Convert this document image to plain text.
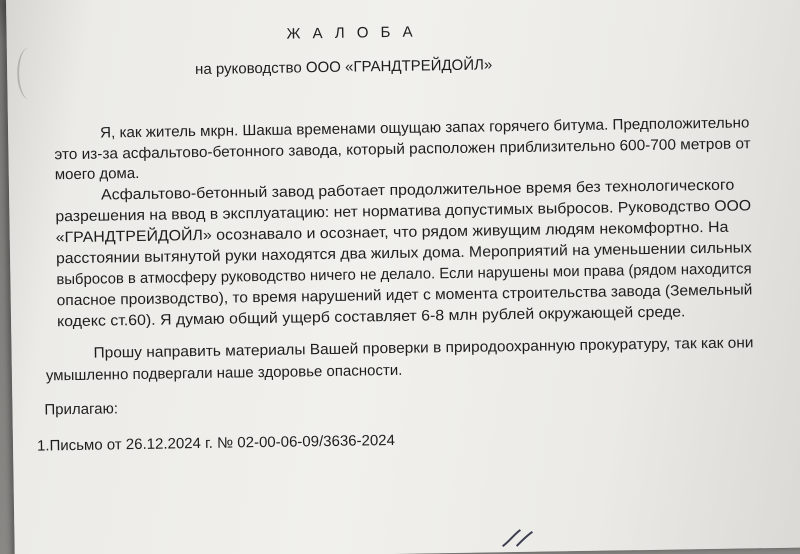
Ж А Л О Б А
на руководство ООО «ГРАНДТРЕЙДОЙЛ»
Я, как житель мкрн. Шакша временами ощущаю запах горячего битума. Предположительно
это из-за асфальтово-бетонного завода, который расположен приблизительно 600-700 метров от
моего дома.
Асфальтово-бетонный завод работает продолжительное время без технологического
разрешения на ввод в эксплуатацию: нет норматива допустимых выбросов. Руководство ООО
«ГРАНДТРЕЙДОЙЛ» осознавало и осознает, что рядом живущим людям некомфортно. На
расстоянии вытянутой руки находятся два жилых дома. Мероприятий на уменьшении сильных
выбросов в атмосферу руководство ничего не делало. Если нарушены мои права (рядом находится
опасное производство), то время нарушений идет с момента строительства завода (Земельный
кодекс ст.60). Я думаю общий ущерб составляет 6-8 млн рублей окружающей среде.
Прошу направить материалы Вашей проверки в природоохранную прокуратуру, так как они
умышленно подвергали наше здоровье опасности.
Прилагаю:
1.Письмо от 26.12.2024 г. № 02-00-06-09/3636-2024
